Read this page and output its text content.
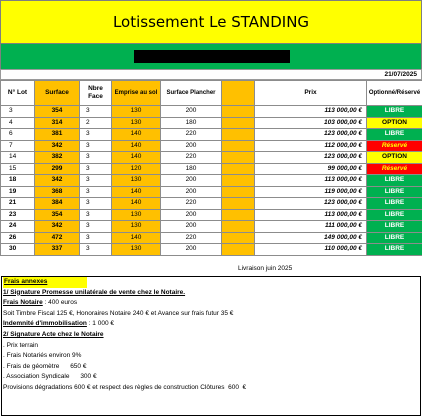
Lotissement Le STANDING
21/07/2025
N° Lot	Surface	Nbre Face	Emprise au sol	Surface Plancher		Prix	Optionné/Réservé
3	354	3	130	200		113 000,00 €	LIBRE
4	314	2	130	180		103 000,00 €	OPTION
6	381	3	140	220		123 000,00 €	LIBRE
7	342	3	140	200		112 000,00 €	Réservé
14	382	3	140	220		123 000,00 €	OPTION
15	299	3	120	180		99 000,00 €	Réservé
18	342	3	130	200		113 000,00 €	LIBRE
19	368	3	140	200		119 000,00 €	LIBRE
21	384	3	140	220		123 000,00 €	LIBRE
23	354	3	130	200		113 000,00 €	LIBRE
24	342	3	130	200		111 000,00 €	LIBRE
26	472	3	140	220		149 000,00 €	LIBRE
30	337	3	130	200		110 000,00 €	LIBRE
Livraison juin 2025
Frais annexes
1/ Signature Promesse unilatérale de vente chez le Notaire.
Frais Notaire : 400 euros
Soit Timbre Fiscal 125 €, Honoraires Notaire 240 € et Avance sur frais futur 35 €
Indemnité d'immobilisation : 1 000 €
2/ Signature Acte chez le Notaire
. Prix terrain
. Frais Notariés environ 9%
. Frais de géomètre      650 €
. Association Syndicale      300 €
Provisions dégradations 600 € et respect des règles de construction Clôtures  600  €
